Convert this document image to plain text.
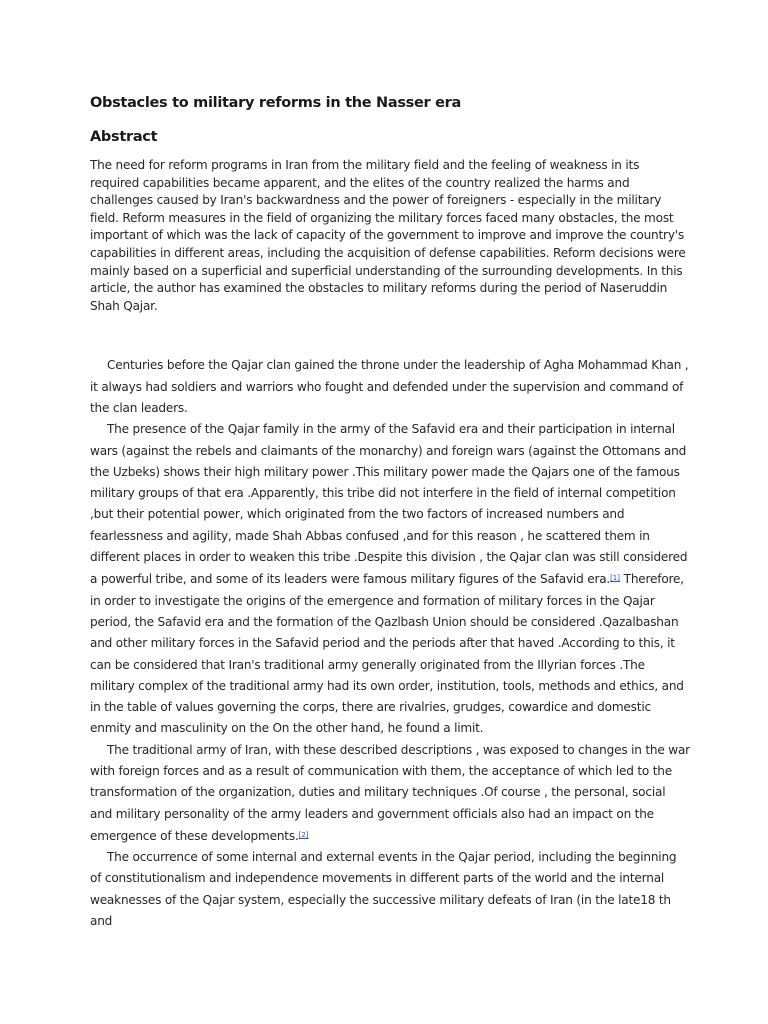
Obstacles to military reforms in the Nasser era
Abstract

The need for reform programs in Iran from the military field and the feeling of weakness in its required capabilities became apparent, and the elites of the country realized the harms and challenges caused by Iran's backwardness and the power of foreigners - especially in the military field. Reform measures in the field of organizing the military forces faced many obstacles, the most important of which was the lack of capacity of the government to improve and improve the country's capabilities in different areas, including the acquisition of defense capabilities. Reform decisions were mainly based on a superficial and superficial understanding of the surrounding developments. In this article, the author has examined the obstacles to military reforms during the period of Naseruddin Shah Qajar.

Centuries before the Qajar clan gained the throne under the leadership of Agha Mohammad Khan , it always had soldiers and warriors who fought and defended under the supervision and command of the clan leaders.

The presence of the Qajar family in the army of the Safavid era and their participation in internal wars (against the rebels and claimants of the monarchy) and foreign wars (against the Ottomans and the Uzbeks) shows their high military power .This military power made the Qajars one of the famous military groups of that era .Apparently, this tribe did not interfere in the field of internal competition ,but their potential power, which originated from the two factors of increased numbers and fearlessness and agility, made Shah Abbas confused ,and for this reason , he scattered them in different places in order to weaken this tribe .Despite this division , the Qajar clan was still considered a powerful tribe, and some of its leaders were famous military figures of the Safavid era.[1] Therefore, in order to investigate the origins of the emergence and formation of military forces in the Qajar period, the Safavid era and the formation of the Qazlbash Union should be considered .Qazalbashan and other military forces in the Safavid period and the periods after that haved .According to this, it can be considered that Iran's traditional army generally originated from the Illyrian forces .The military complex of the traditional army had its own order, institution, tools, methods and ethics, and in the table of values governing the corps, there are rivalries, grudges, cowardice and domestic enmity and masculinity on the On the other hand, he found a limit.

The traditional army of Iran, with these described descriptions , was exposed to changes in the war with foreign forces and as a result of communication with them, the acceptance of which led to the transformation of the organization, duties and military techniques .Of course , the personal, social and military personality of the army leaders and government officials also had an impact on the emergence of these developments.[2]

The occurrence of some internal and external events in the Qajar period, including the beginning of constitutionalism and independence movements in different parts of the world and the internal weaknesses of the Qajar system, especially the successive military defeats of Iran (in the late18 th and
